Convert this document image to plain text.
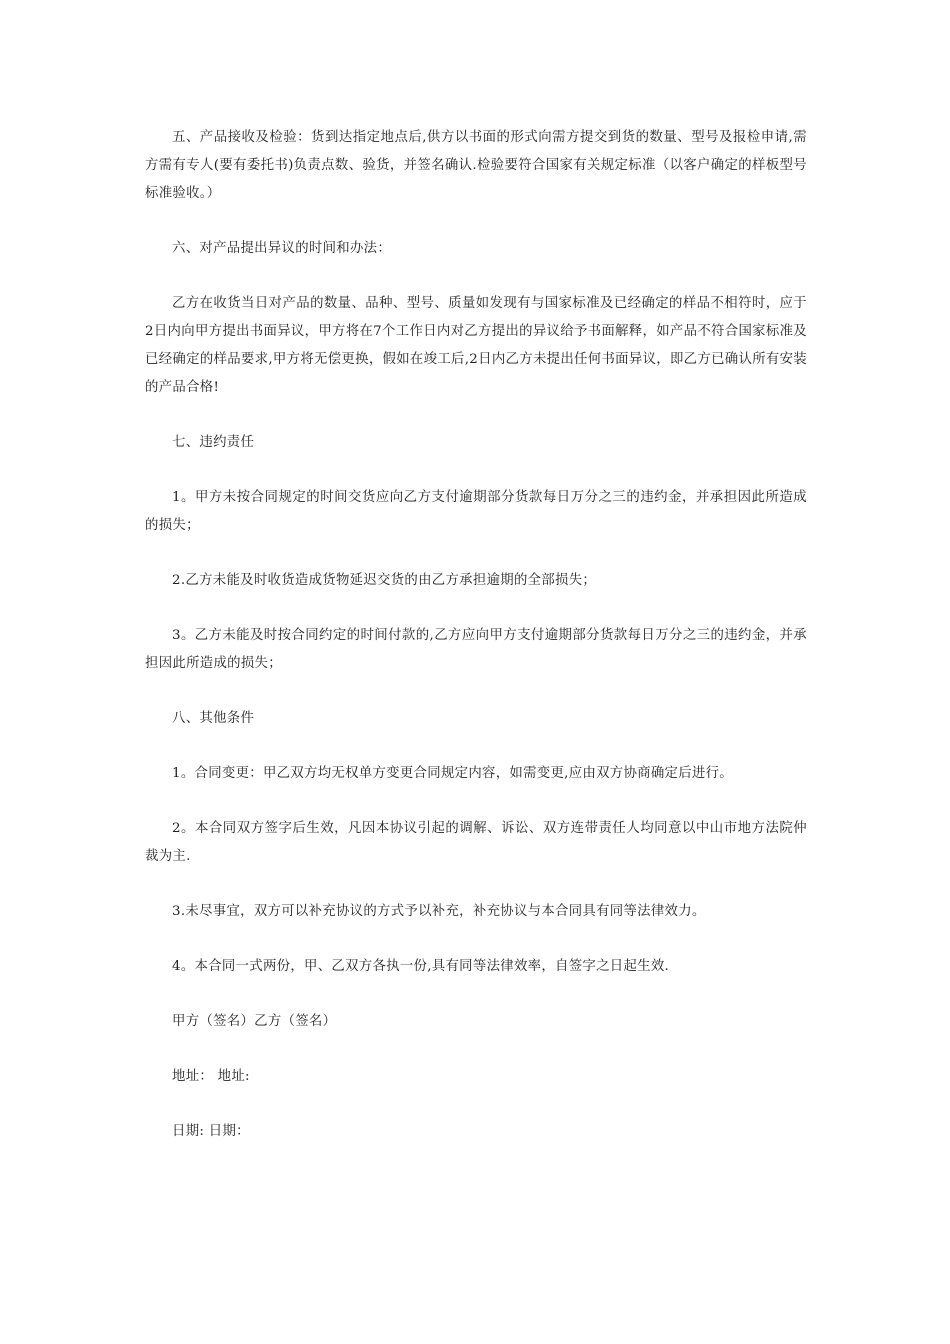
五、产品接收及检验：货到达指定地点后,供方以书面的形式向需方提交到货的数量、型号及报检申请,需方需有专人(要有委托书)负责点数、验货，并签名确认.检验要符合国家有关规定标准（以客户确定的样板型号标准验收。）

六、对产品提出异议的时间和办法：

乙方在收货当日对产品的数量、品种、型号、质量如发现有与国家标准及已经确定的样品不相符时，应于2日内向甲方提出书面异议，甲方将在7个工作日内对乙方提出的异议给予书面解释，如产品不符合国家标准及已经确定的样品要求,甲方将无偿更换，假如在竣工后,2日内乙方未提出任何书面异议，即乙方已确认所有安装的产品合格!

七、违约责任

1。甲方未按合同规定的时间交货应向乙方支付逾期部分货款每日万分之三的违约金，并承担因此所造成的损失；

2.乙方未能及时收货造成货物延迟交货的由乙方承担逾期的全部损失；

3。乙方未能及时按合同约定的时间付款的,乙方应向甲方支付逾期部分货款每日万分之三的违约金，并承担因此所造成的损失；

八、其他条件

1。合同变更：甲乙双方均无权单方变更合同规定内容，如需变更,应由双方协商确定后进行。

2。本合同双方签字后生效，凡因本协议引起的调解、诉讼、双方连带责任人均同意以中山市地方法院仲裁为主.

3.未尽事宜，双方可以补充协议的方式予以补充，补充协议与本合同具有同等法律效力。

4。本合同一式两份，甲、乙双方各执一份,具有同等法律效率，自签字之日起生效.

甲方（签名）乙方（签名）

地址： 地址:

日期: 日期：
